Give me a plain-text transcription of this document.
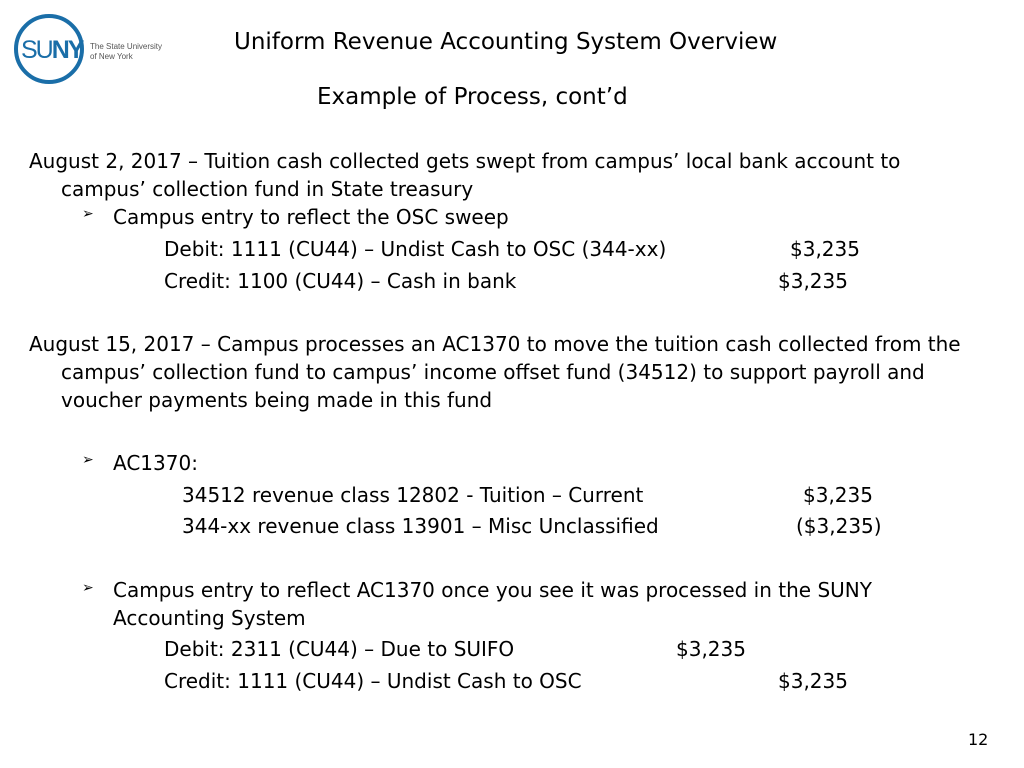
SUNY The State University
of New York
Uniform Revenue Accounting System Overview
Example of Process, cont’d
August 2, 2017 – Tuition cash collected gets swept from campus’ local bank account to
campus’ collection fund in State treasury
➢ Campus entry to reflect the OSC sweep
Debit: 1111 (CU44) – Undist Cash to OSC (344-xx)	$3,235
Credit: 1100 (CU44) – Cash in bank	$3,235
August 15, 2017 – Campus processes an AC1370 to move the tuition cash collected from the
campus’ collection fund to campus’ income offset fund (34512) to support payroll and
voucher payments being made in this fund
➢ AC1370:
34512 revenue class 12802 - Tuition – Current	$3,235
344-xx revenue class 13901 – Misc Unclassified	($3,235)
➢ Campus entry to reflect AC1370 once you see it was processed in the SUNY
Accounting System
Debit: 2311 (CU44) – Due to SUIFO	$3,235
Credit: 1111 (CU44) – Undist Cash to OSC	$3,235
12
